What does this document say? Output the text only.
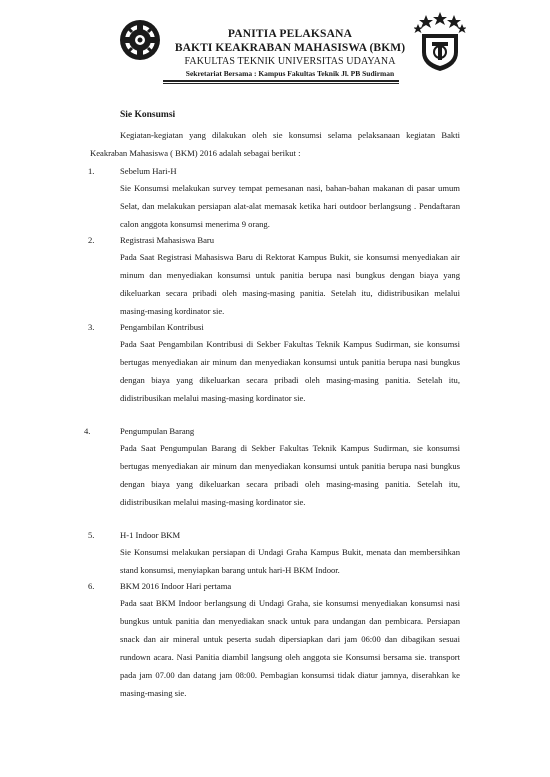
PANITIA PELAKSANA
BAKTI KEAKRABAN MAHASISWA (BKM)
FAKULTAS TEKNIK UNIVERSITAS UDAYANA
Sekretariat Bersama : Kampus Fakultas Teknik Jl. PB Sudirman
Sie Konsumsi
Kegiatan-kegiatan yang dilakukan oleh sie konsumsi selama pelaksanaan kegiatan Bakti Keakraban Mahasiswa ( BKM) 2016 adalah sebagai berikut :
1.	Sebelum Hari-H
Sie Konsumsi melakukan survey tempat pemesanan nasi, bahan-bahan makanan di pasar umum Selat, dan melakukan persiapan alat-alat memasak ketika hari outdoor berlangsung . Pendaftaran calon anggota konsumsi menerima 9 orang.
2.	Registrasi Mahasiswa Baru
Pada Saat Registrasi Mahasiswa Baru di Rektorat Kampus Bukit, sie konsumsi menyediakan air minum dan menyediakan konsumsi untuk panitia berupa nasi bungkus dengan biaya yang dikeluarkan secara pribadi oleh masing-masing panitia. Setelah itu, didistribusikan melalui masing-masing kordinator sie.
3.	Pengambilan Kontribusi
Pada Saat Pengambilan Kontribusi di Sekber Fakultas Teknik Kampus Sudirman, sie konsumsi bertugas menyediakan air minum dan menyediakan konsumsi untuk panitia berupa nasi bungkus dengan biaya yang dikeluarkan secara pribadi oleh masing-masing panitia. Setelah itu, didistribusikan melalui masing-masing kordinator sie.
4.	Pengumpulan Barang
Pada Saat Pengumpulan Barang di Sekber Fakultas Teknik Kampus Sudirman, sie konsumsi bertugas menyediakan air minum dan menyediakan konsumsi untuk panitia berupa nasi bungkus dengan biaya yang dikeluarkan secara pribadi oleh masing-masing panitia. Setelah itu, didistribusikan melalui masing-masing kordinator sie.
5.	H-1 Indoor BKM
Sie Konsumsi melakukan persiapan di Undagi Graha Kampus Bukit, menata dan membersihkan stand konsumsi, menyiapkan barang untuk hari-H BKM Indoor.
6.	BKM 2016 Indoor Hari pertama
Pada saat BKM Indoor berlangsung di Undagi Graha, sie konsumsi menyediakan konsumsi nasi bungkus untuk panitia dan menyediakan snack untuk para undangan dan pembicara. Persiapan snack dan air mineral untuk peserta sudah dipersiapkan dari jam 06:00 dan dibagikan sesuai rundown acara. Nasi Panitia diambil langsung oleh anggota sie Konsumsi bersama sie. transport pada jam 07.00 dan datang jam 08:00. Pembagian konsumsi tidak diatur jamnya, diserahkan ke masing-masing sie.
